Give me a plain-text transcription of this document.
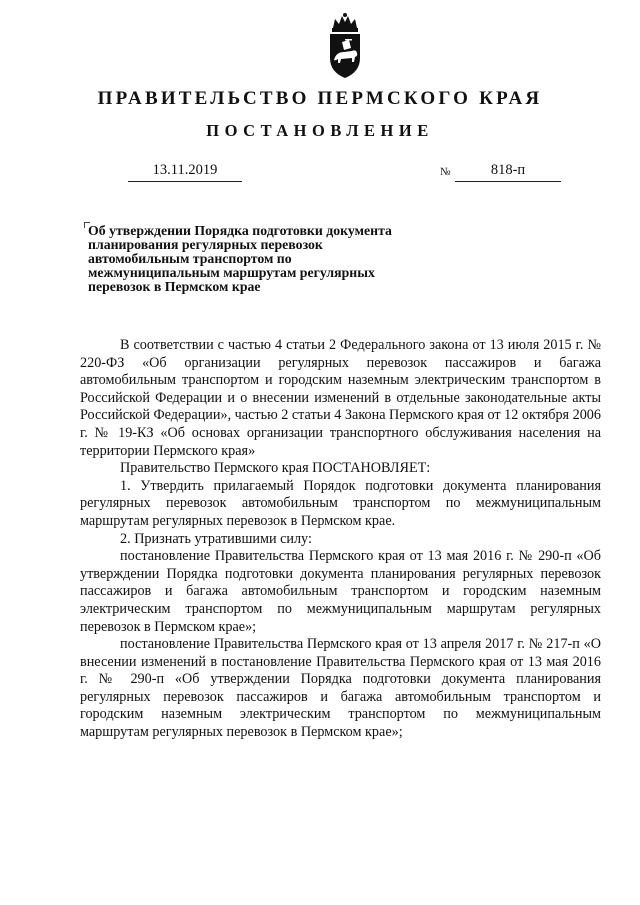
ПРАВИТЕЛЬСТВО ПЕРМСКОГО КРАЯ
ПОСТАНОВЛЕНИЕ
13.11.2019	№	818-п
Об утверждении Порядка подготовки документа планирования регулярных перевозок автомобильным транспортом по межмуниципальным маршрутам регулярных перевозок в Пермском крае

В соответствии с частью 4 статьи 2 Федерального закона от 13 июля 2015 г. № 220-ФЗ «Об организации регулярных перевозок пассажиров и багажа автомобильным транспортом и городским наземным электрическим транспортом в Российской Федерации и о внесении изменений в отдельные законодательные акты Российской Федерации», частью 2 статьи 4 Закона Пермского края от 12 октября 2006 г. № 19-КЗ «Об основах организации транспортного обслуживания населения на территории Пермского края»

Правительство Пермского края ПОСТАНОВЛЯЕТ:

1. Утвердить прилагаемый Порядок подготовки документа планирования регулярных перевозок автомобильным транспортом по межмуниципальным маршрутам регулярных перевозок в Пермском крае.

2. Признать утратившими силу:

постановление Правительства Пермского края от 13 мая 2016 г. № 290-п «Об утверждении Порядка подготовки документа планирования регулярных перевозок пассажиров и багажа автомобильным транспортом и городским наземным электрическим транспортом по межмуниципальным маршрутам регулярных перевозок в Пермском крае»;

постановление Правительства Пермского края от 13 апреля 2017 г. № 217-п «О внесении изменений в постановление Правительства Пермского края от 13 мая 2016 г. № 290-п «Об утверждении Порядка подготовки документа планирования регулярных перевозок пассажиров и багажа автомобильным транспортом и городским наземным электрическим транспортом по межмуниципальным маршрутам регулярных перевозок в Пермском крае»;
